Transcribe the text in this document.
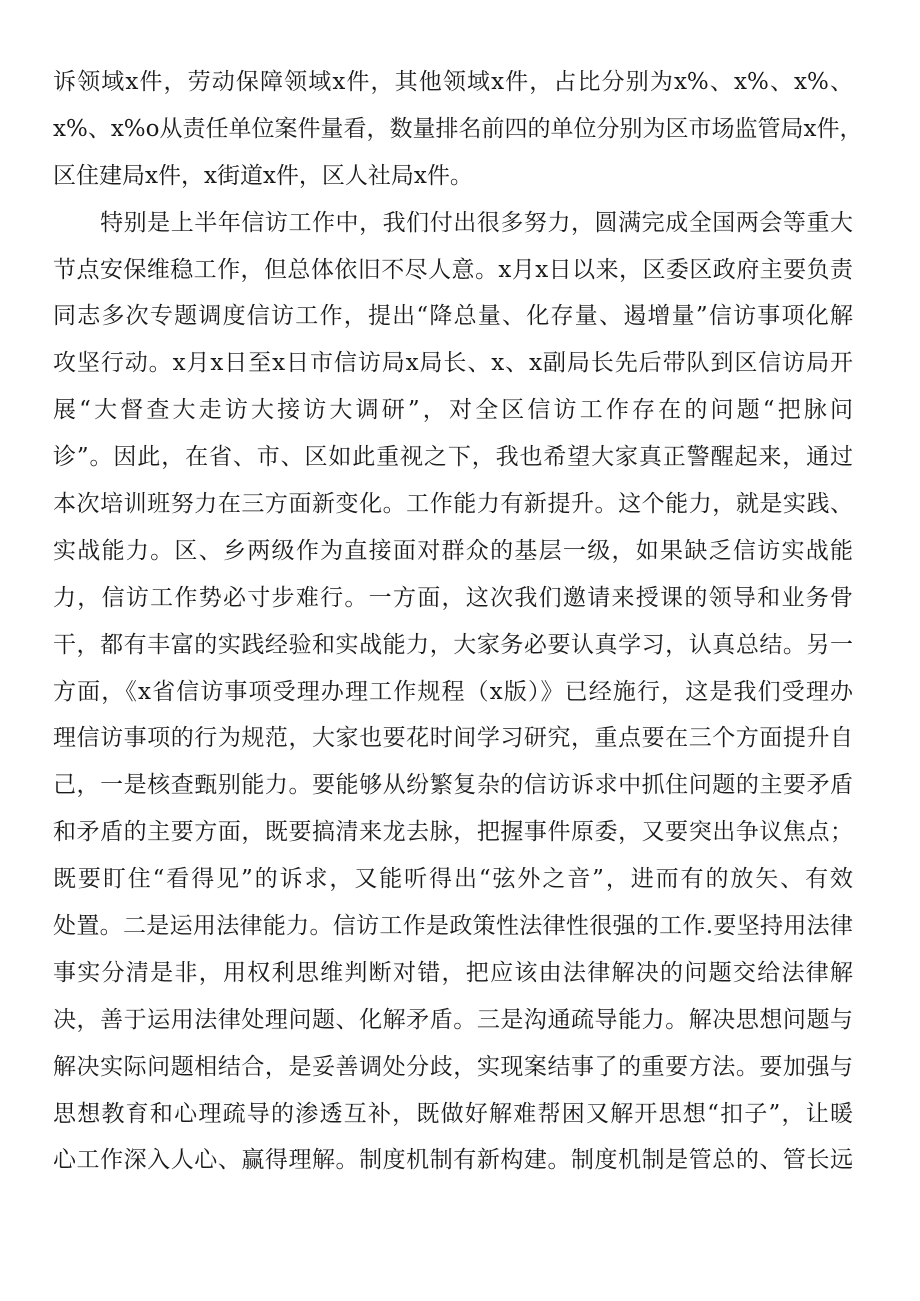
诉领域x件，劳动保障领域x件，其他领域x件，占比分别为x%、x%、x%、
x%、x%o从责任单位案件量看，数量排名前四的单位分别为区市场监管局x件，
区住建局x件，x街道x件，区人社局x件。
　　特别是上半年信访工作中，我们付出很多努力，圆满完成全国两会等重大
节点安保维稳工作，但总体依旧不尽人意。x月x日以来，区委区政府主要负责
同志多次专题调度信访工作，提出“降总量、化存量、遏增量”信访事项化解
攻坚行动。x月x日至x日市信访局x局长、x、x副局长先后带队到区信访局开
展“大督查大走访大接访大调研”，对全区信访工作存在的问题“把脉问
诊”。因此，在省、市、区如此重视之下，我也希望大家真正警醒起来，通过
本次培训班努力在三方面新变化。工作能力有新提升。这个能力，就是实践、
实战能力。区、乡两级作为直接面对群众的基层一级，如果缺乏信访实战能
力，信访工作势必寸步难行。一方面，这次我们邀请来授课的领导和业务骨
干，都有丰富的实践经验和实战能力，大家务必要认真学习，认真总结。另一
方面，《x省信访事项受理办理工作规程（x版）》已经施行，这是我们受理办
理信访事项的行为规范，大家也要花时间学习研究，重点要在三个方面提升自
己，一是核查甄别能力。要能够从纷繁复杂的信访诉求中抓住问题的主要矛盾
和矛盾的主要方面，既要搞清来龙去脉，把握事件原委，又要突出争议焦点；
既要盯住“看得见”的诉求，又能听得出“弦外之音”，进而有的放矢、有效
处置。二是运用法律能力。信访工作是政策性法律性很强的工作.要坚持用法律
事实分清是非，用权利思维判断对错，把应该由法律解决的问题交给法律解
决，善于运用法律处理问题、化解矛盾。三是沟通疏导能力。解决思想问题与
解决实际问题相结合，是妥善调处分歧，实现案结事了的重要方法。要加强与
思想教育和心理疏导的渗透互补，既做好解难帮困又解开思想“扣子”，让暖
心工作深入人心、赢得理解。制度机制有新构建。制度机制是管总的、管长远
